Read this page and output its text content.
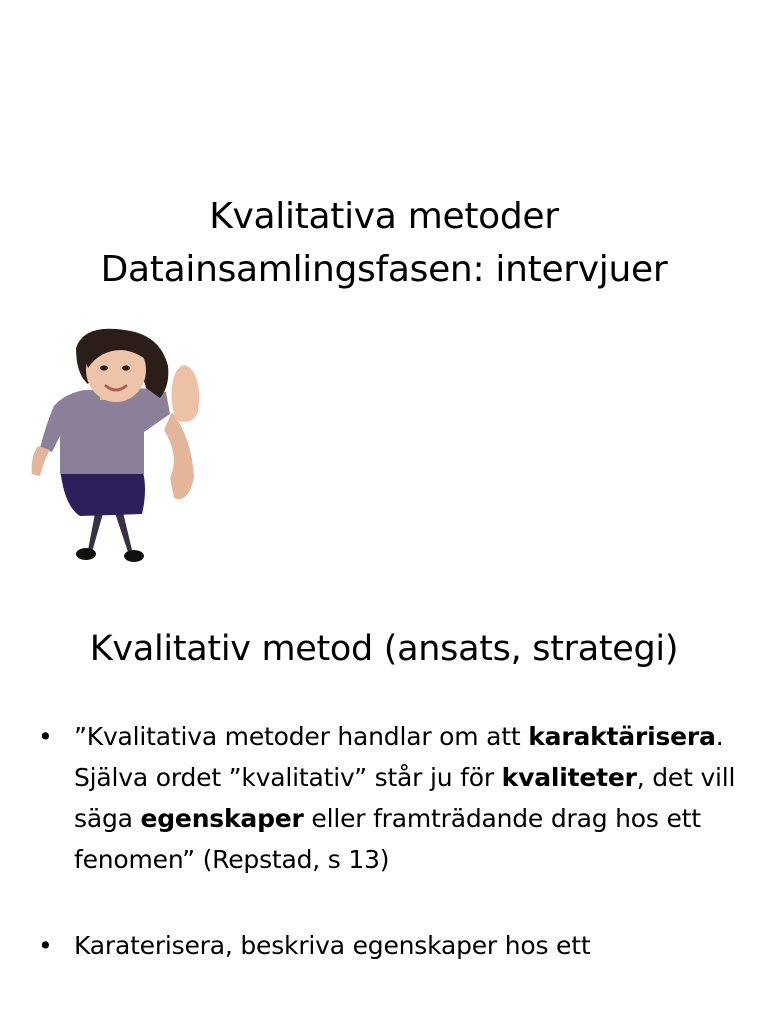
Kvalitativa metoder
Datainsamlingsfasen: intervjuer
Kvalitativ metod (ansats, strategi)
• ”Kvalitativa metoder handlar om att karaktärisera. Själva ordet ”kvalitativ” står ju för kvaliteter, det vill säga egenskaper eller framträdande drag hos ett fenomen” (Repstad, s 13)
• Karaterisera, beskriva egenskaper hos ett
